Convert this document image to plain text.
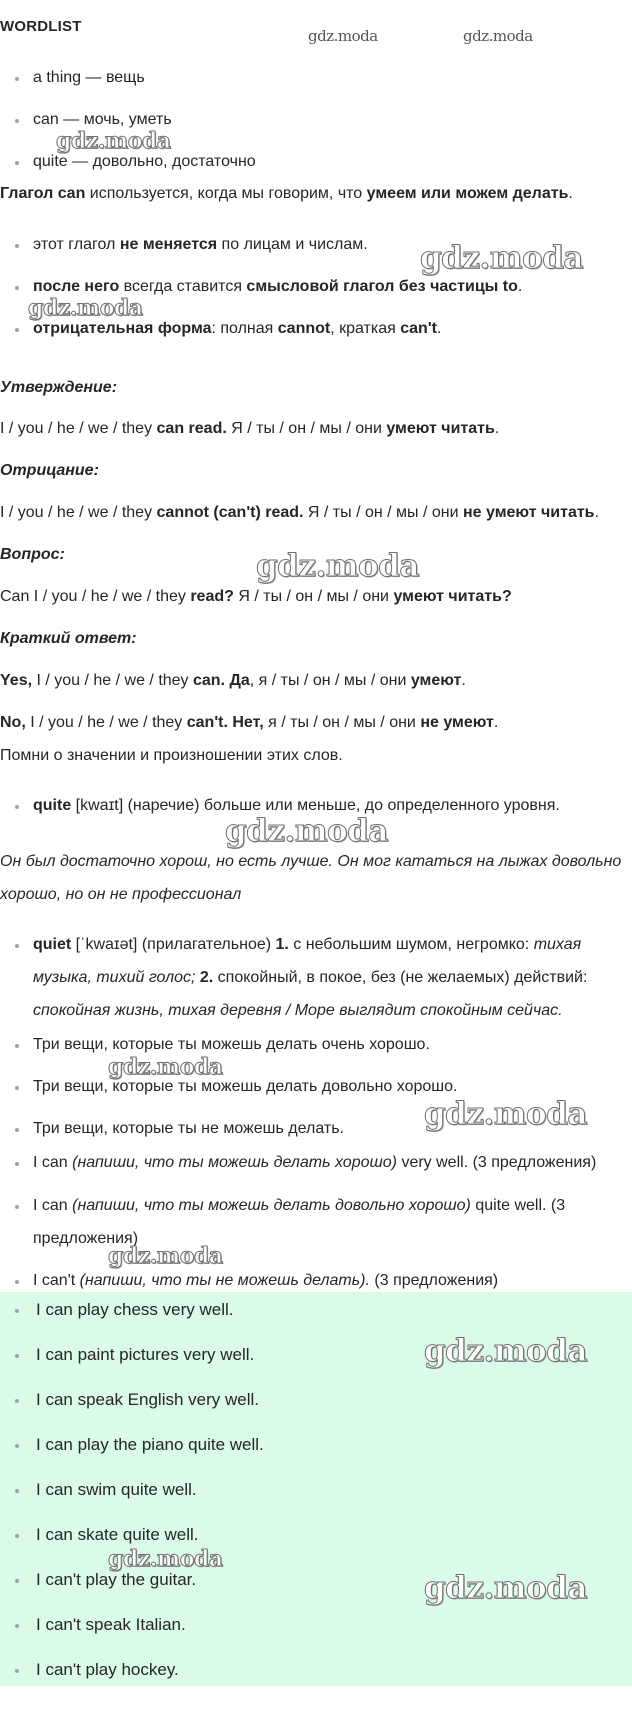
WORDLIST
a thing — вещь
can — мочь, уметь
quite — довольно, достаточно
Глагол can используется, когда мы говорим, что умеем или можем делать.
этот глагол не меняется по лицам и числам.
после него всегда ставится смысловой глагол без частицы to.
отрицательная форма: полная cannot, краткая can't.
Утверждение:
I / you / he / we / they can read. Я / ты / он / мы / они умеют читать.
Отрицание:
I / you / he / we / they cannot (can't) read. Я / ты / он / мы / они не умеют читать.
Вопрос:
Can I / you / he / we / they read? Я / ты / он / мы / они умеют читать?
Краткий ответ:
Yes, I / you / he / we / they can. Да, я / ты / он / мы / они умеют.
No, I / you / he / we / they can't. Нет, я / ты / он / мы / они не умеют.
Помни о значении и произношении этих слов.
quite [kwaɪt] (наречие) больше или меньше, до определенного уровня.
Он был достаточно хорош, но есть лучше. Он мог кататься на лыжах довольно
хорошо, но он не профессионал
quiet [ˈkwaɪət] (прилагательное) 1. с небольшим шумом, негромко: тихая
музыка, тихий голос; 2. спокойный, в покое, без (не желаемых) действий:
спокойная жизнь, тихая деревня / Море выглядит спокойным сейчас.
Три вещи, которые ты можешь делать очень хорошо.
Три вещи, которые ты можешь делать довольно хорошо.
Три вещи, которые ты не можешь делать.
I can (напиши, что ты можешь делать хорошо) very well. (3 предложения)
I can (напиши, что ты можешь делать довольно хорошо) quite well. (3
предложения)
I can't (напиши, что ты не можешь делать). (3 предложения)
I can play chess very well.
I can paint pictures very well.
I can speak English very well.
I can play the piano quite well.
I can swim quite well.
I can skate quite well.
I can't play the guitar.
I can't speak Italian.
I can't play hockey.
gdz.moda	gdz.moda
gdz.moda
gdz.moda
gdz.moda
gdz.moda
gdz.moda
gdz.moda
gdz.moda
gdz.moda
gdz.moda
gdz.moda
gdz.moda
